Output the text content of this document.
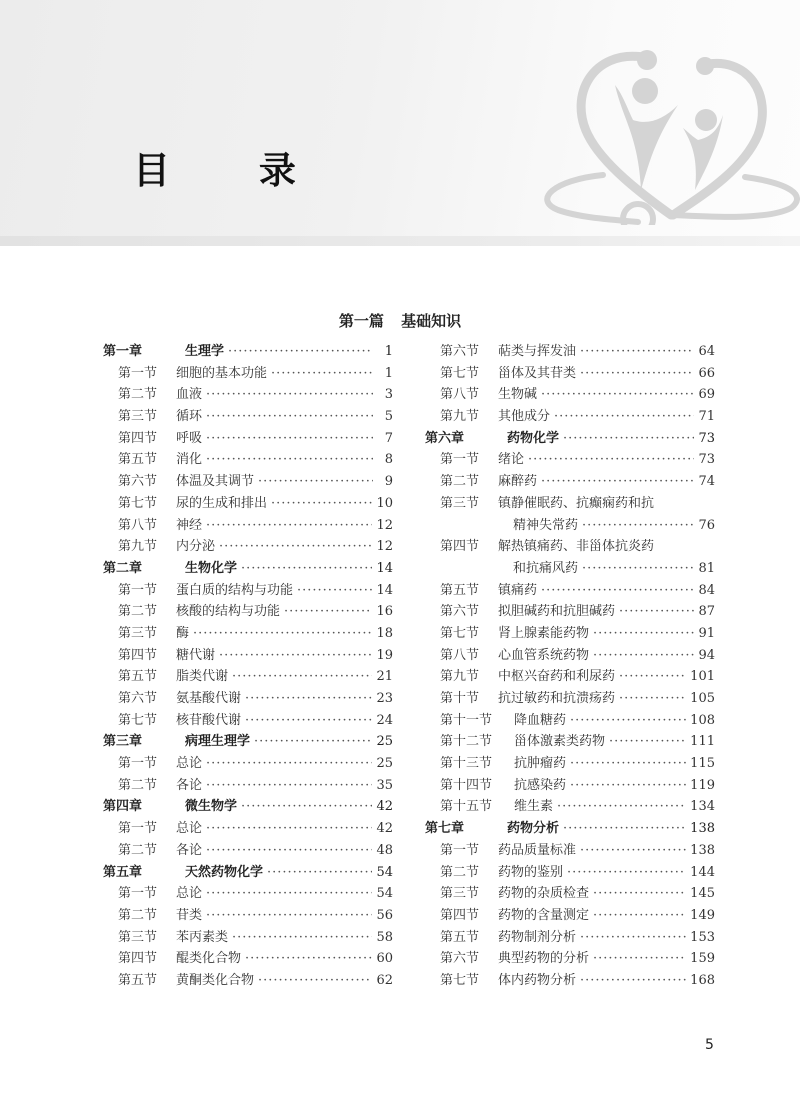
目 录
第一篇 基础知识
第一章	生理学 ·····	1
第一节	细胞的基本功能 ·····	1
第二节	血液 ·····	3
第三节	循环 ·····	5
第四节	呼吸 ·····	7
第五节	消化 ·····	8
第六节	体温及其调节 ·····	9
第七节	尿的生成和排出 ·····	10
第八节	神经 ·····	12
第九节	内分泌 ·····	12
第二章	生物化学 ·····	14
第一节	蛋白质的结构与功能 ·····	14
第二节	核酸的结构与功能 ·····	16
第三节	酶 ·····	18
第四节	糖代谢 ·····	19
第五节	脂类代谢 ·····	21
第六节	氨基酸代谢 ·····	23
第七节	核苷酸代谢 ·····	24
第三章	病理生理学 ·····	25
第一节	总论 ·····	25
第二节	各论 ·····	35
第四章	微生物学 ·····	42
第一节	总论 ·····	42
第二节	各论 ·····	48
第五章	天然药物化学 ·····	54
第一节	总论 ·····	54
第二节	苷类 ·····	56
第三节	苯丙素类 ·····	58
第四节	醌类化合物 ·····	60
第五节	黄酮类化合物 ·····	62
第六节	萜类与挥发油 ·····	64
第七节	甾体及其苷类 ·····	66
第八节	生物碱 ·····	69
第九节	其他成分 ·····	71
第六章	药物化学 ·····	73
第一节	绪论 ·····	73
第二节	麻醉药 ·····	74
第三节	镇静催眠药、抗癫痫药和抗
精神失常药 ·····	76
第四节	解热镇痛药、非甾体抗炎药
和抗痛风药 ·····	81
第五节	镇痛药 ·····	84
第六节	拟胆碱药和抗胆碱药 ·····	87
第七节	肾上腺素能药物 ·····	91
第八节	心血管系统药物 ·····	94
第九节	中枢兴奋药和利尿药 ·····	101
第十节	抗过敏药和抗溃疡药 ·····	105
第十一节	降血糖药 ·····	108
第十二节	甾体激素类药物 ·····	111
第十三节	抗肿瘤药 ·····	115
第十四节	抗感染药 ·····	119
第十五节	维生素 ·····	134
第七章	药物分析 ·····	138
第一节	药品质量标准 ·····	138
第二节	药物的鉴别 ·····	144
第三节	药物的杂质检查 ·····	145
第四节	药物的含量测定 ·····	149
第五节	药物制剂分析 ·····	153
第六节	典型药物的分析 ·····	159
第七节	体内药物分析 ·····	168
5
